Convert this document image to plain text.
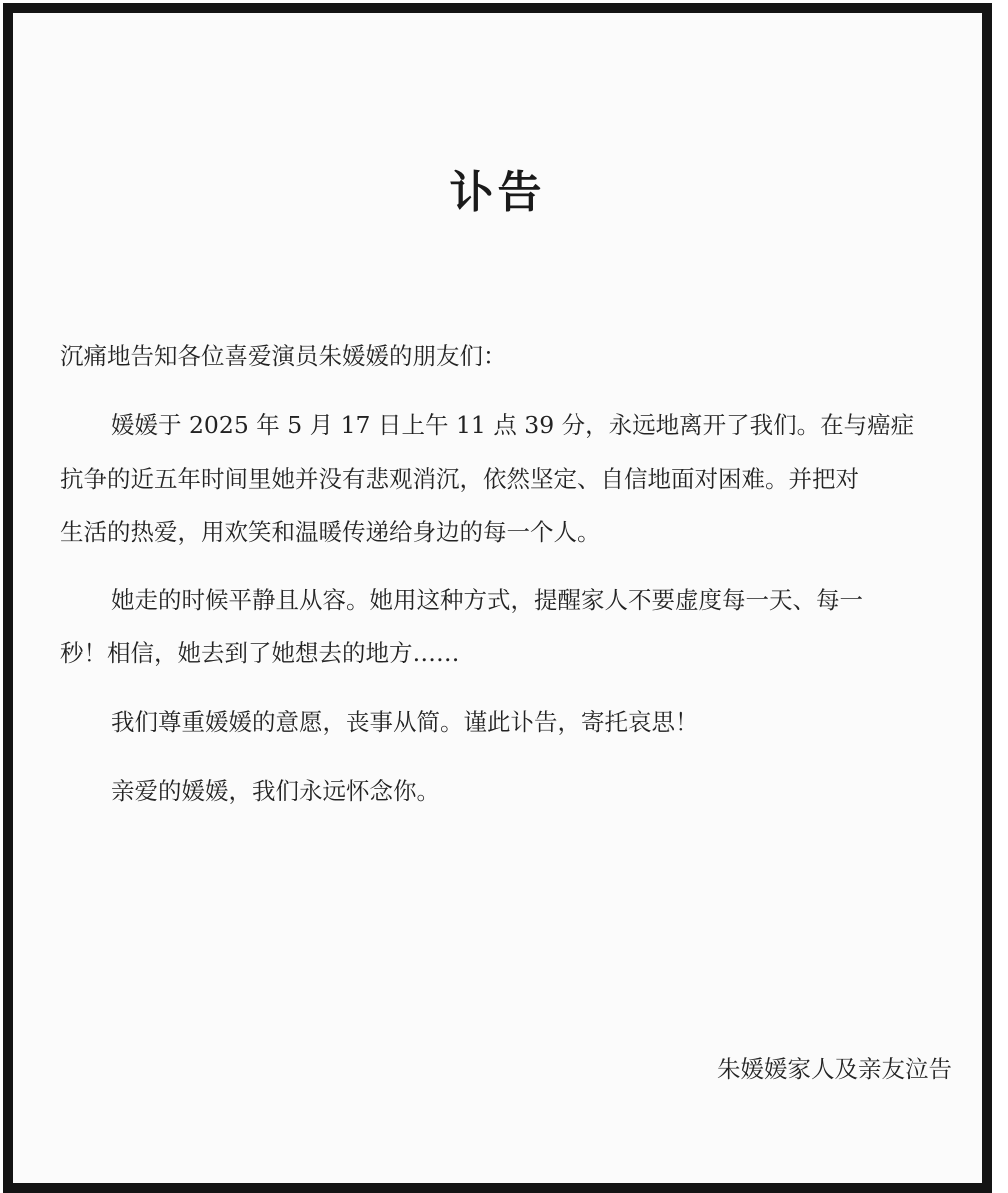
讣告
沉痛地告知各位喜爱演员朱媛媛的朋友们：
媛媛于 2025 年 5 月 17 日上午 11 点 39 分，永远地离开了我们。在与癌症
抗争的近五年时间里她并没有悲观消沉，依然坚定、自信地面对困难。并把对
生活的热爱，用欢笑和温暖传递给身边的每一个人。
她走的时候平静且从容。她用这种方式，提醒家人不要虚度每一天、每一
秒！相信，她去到了她想去的地方……
我们尊重媛媛的意愿，丧事从简。谨此讣告，寄托哀思！
亲爱的媛媛，我们永远怀念你。
朱媛媛家人及亲友泣告
